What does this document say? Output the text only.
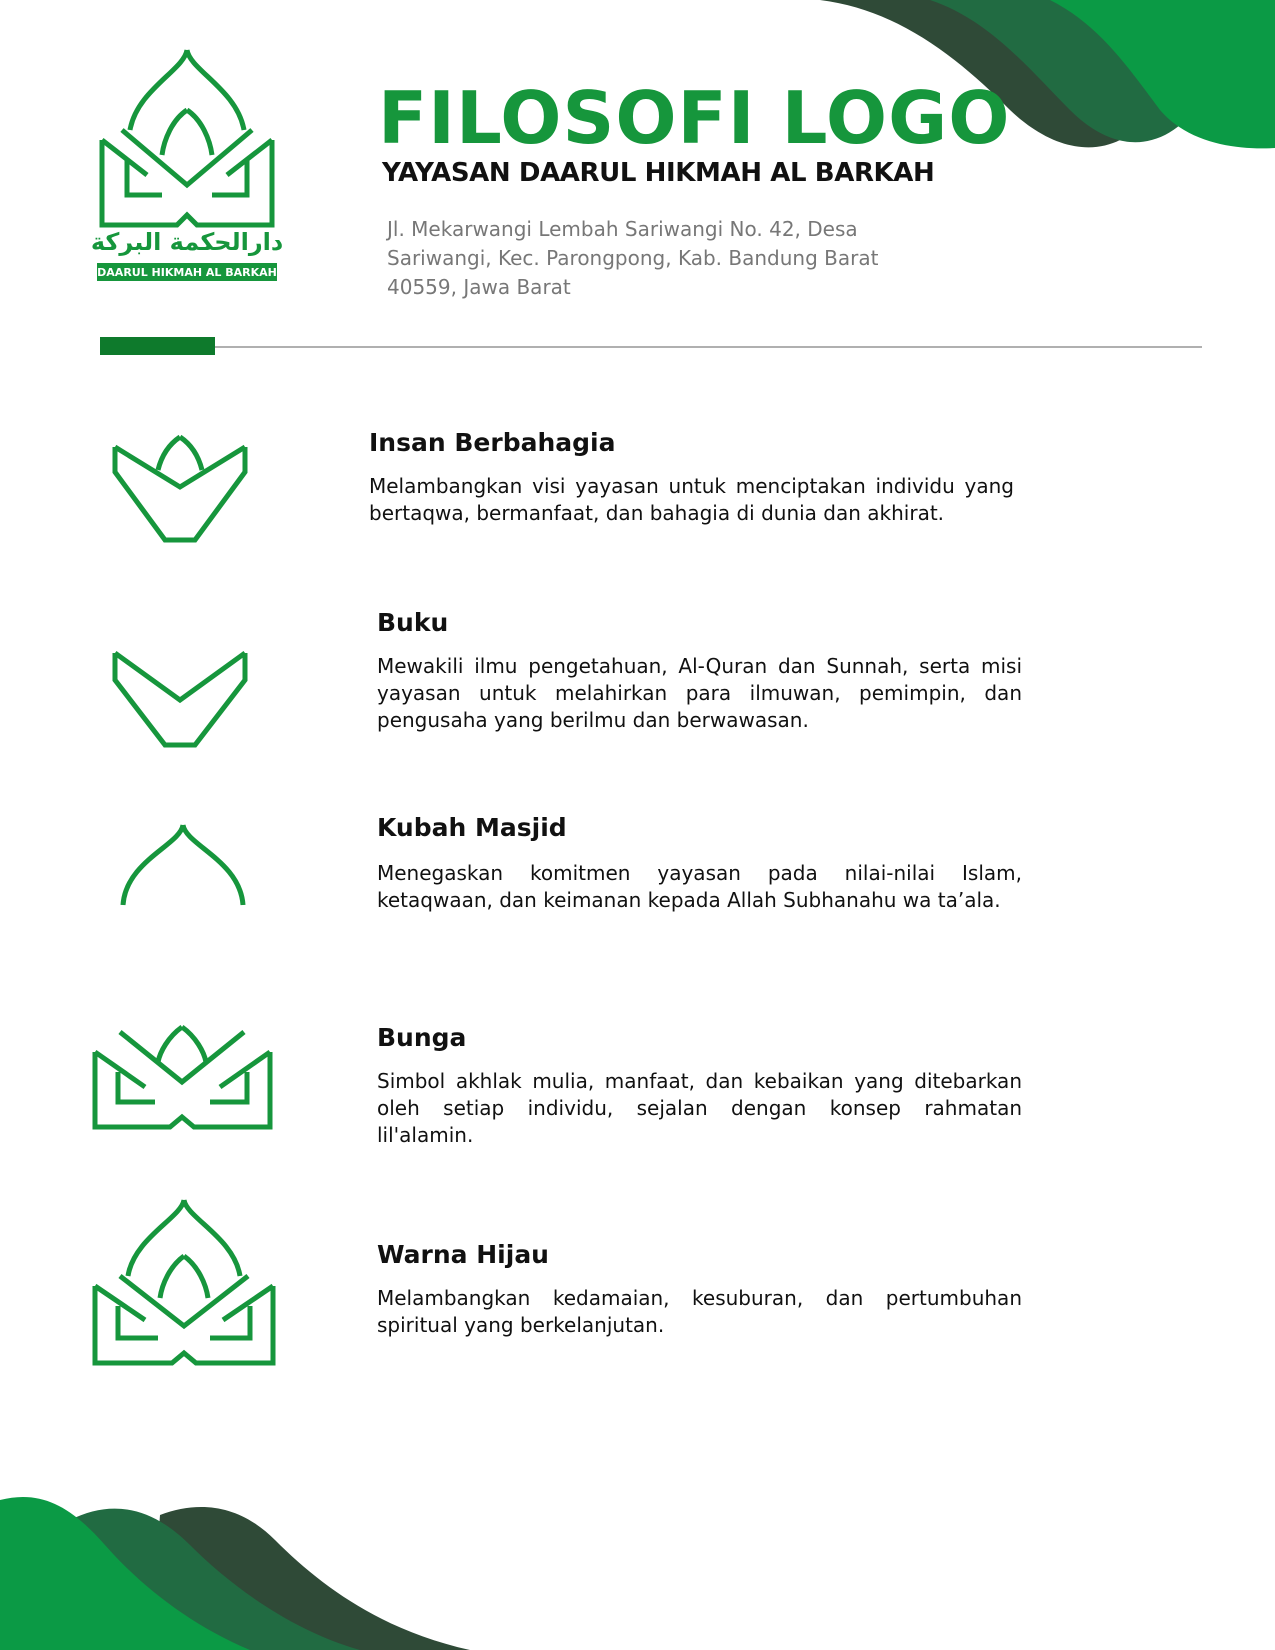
دارالحكمة البركة
DAARUL HIKMAH AL BARKAH
FILOSOFI LOGO
YAYASAN DAARUL HIKMAH AL BARKAH

Jl. Mekarwangi Lembah Sariwangi No. 42, Desa Sariwangi, Kec. Parongpong, Kab. Bandung Barat 40559, Jawa Barat

Insan Berbahagia

Melambangkan visi yayasan untuk menciptakan individu yang bertaqwa, bermanfaat, dan bahagia di dunia dan akhirat.

Buku

Mewakili ilmu pengetahuan, Al-Quran dan Sunnah, serta misi yayasan untuk melahirkan para ilmuwan, pemimpin, dan pengusaha yang berilmu dan berwawasan.

Kubah Masjid

Menegaskan komitmen yayasan pada nilai-nilai Islam, ketaqwaan, dan keimanan kepada Allah Subhanahu wa ta’ala.

Bunga

Simbol akhlak mulia, manfaat, dan kebaikan yang ditebarkan oleh setiap individu, sejalan dengan konsep rahmatan lil'alamin.

Warna Hijau

Melambangkan kedamaian, kesuburan, dan pertumbuhan spiritual yang berkelanjutan.
